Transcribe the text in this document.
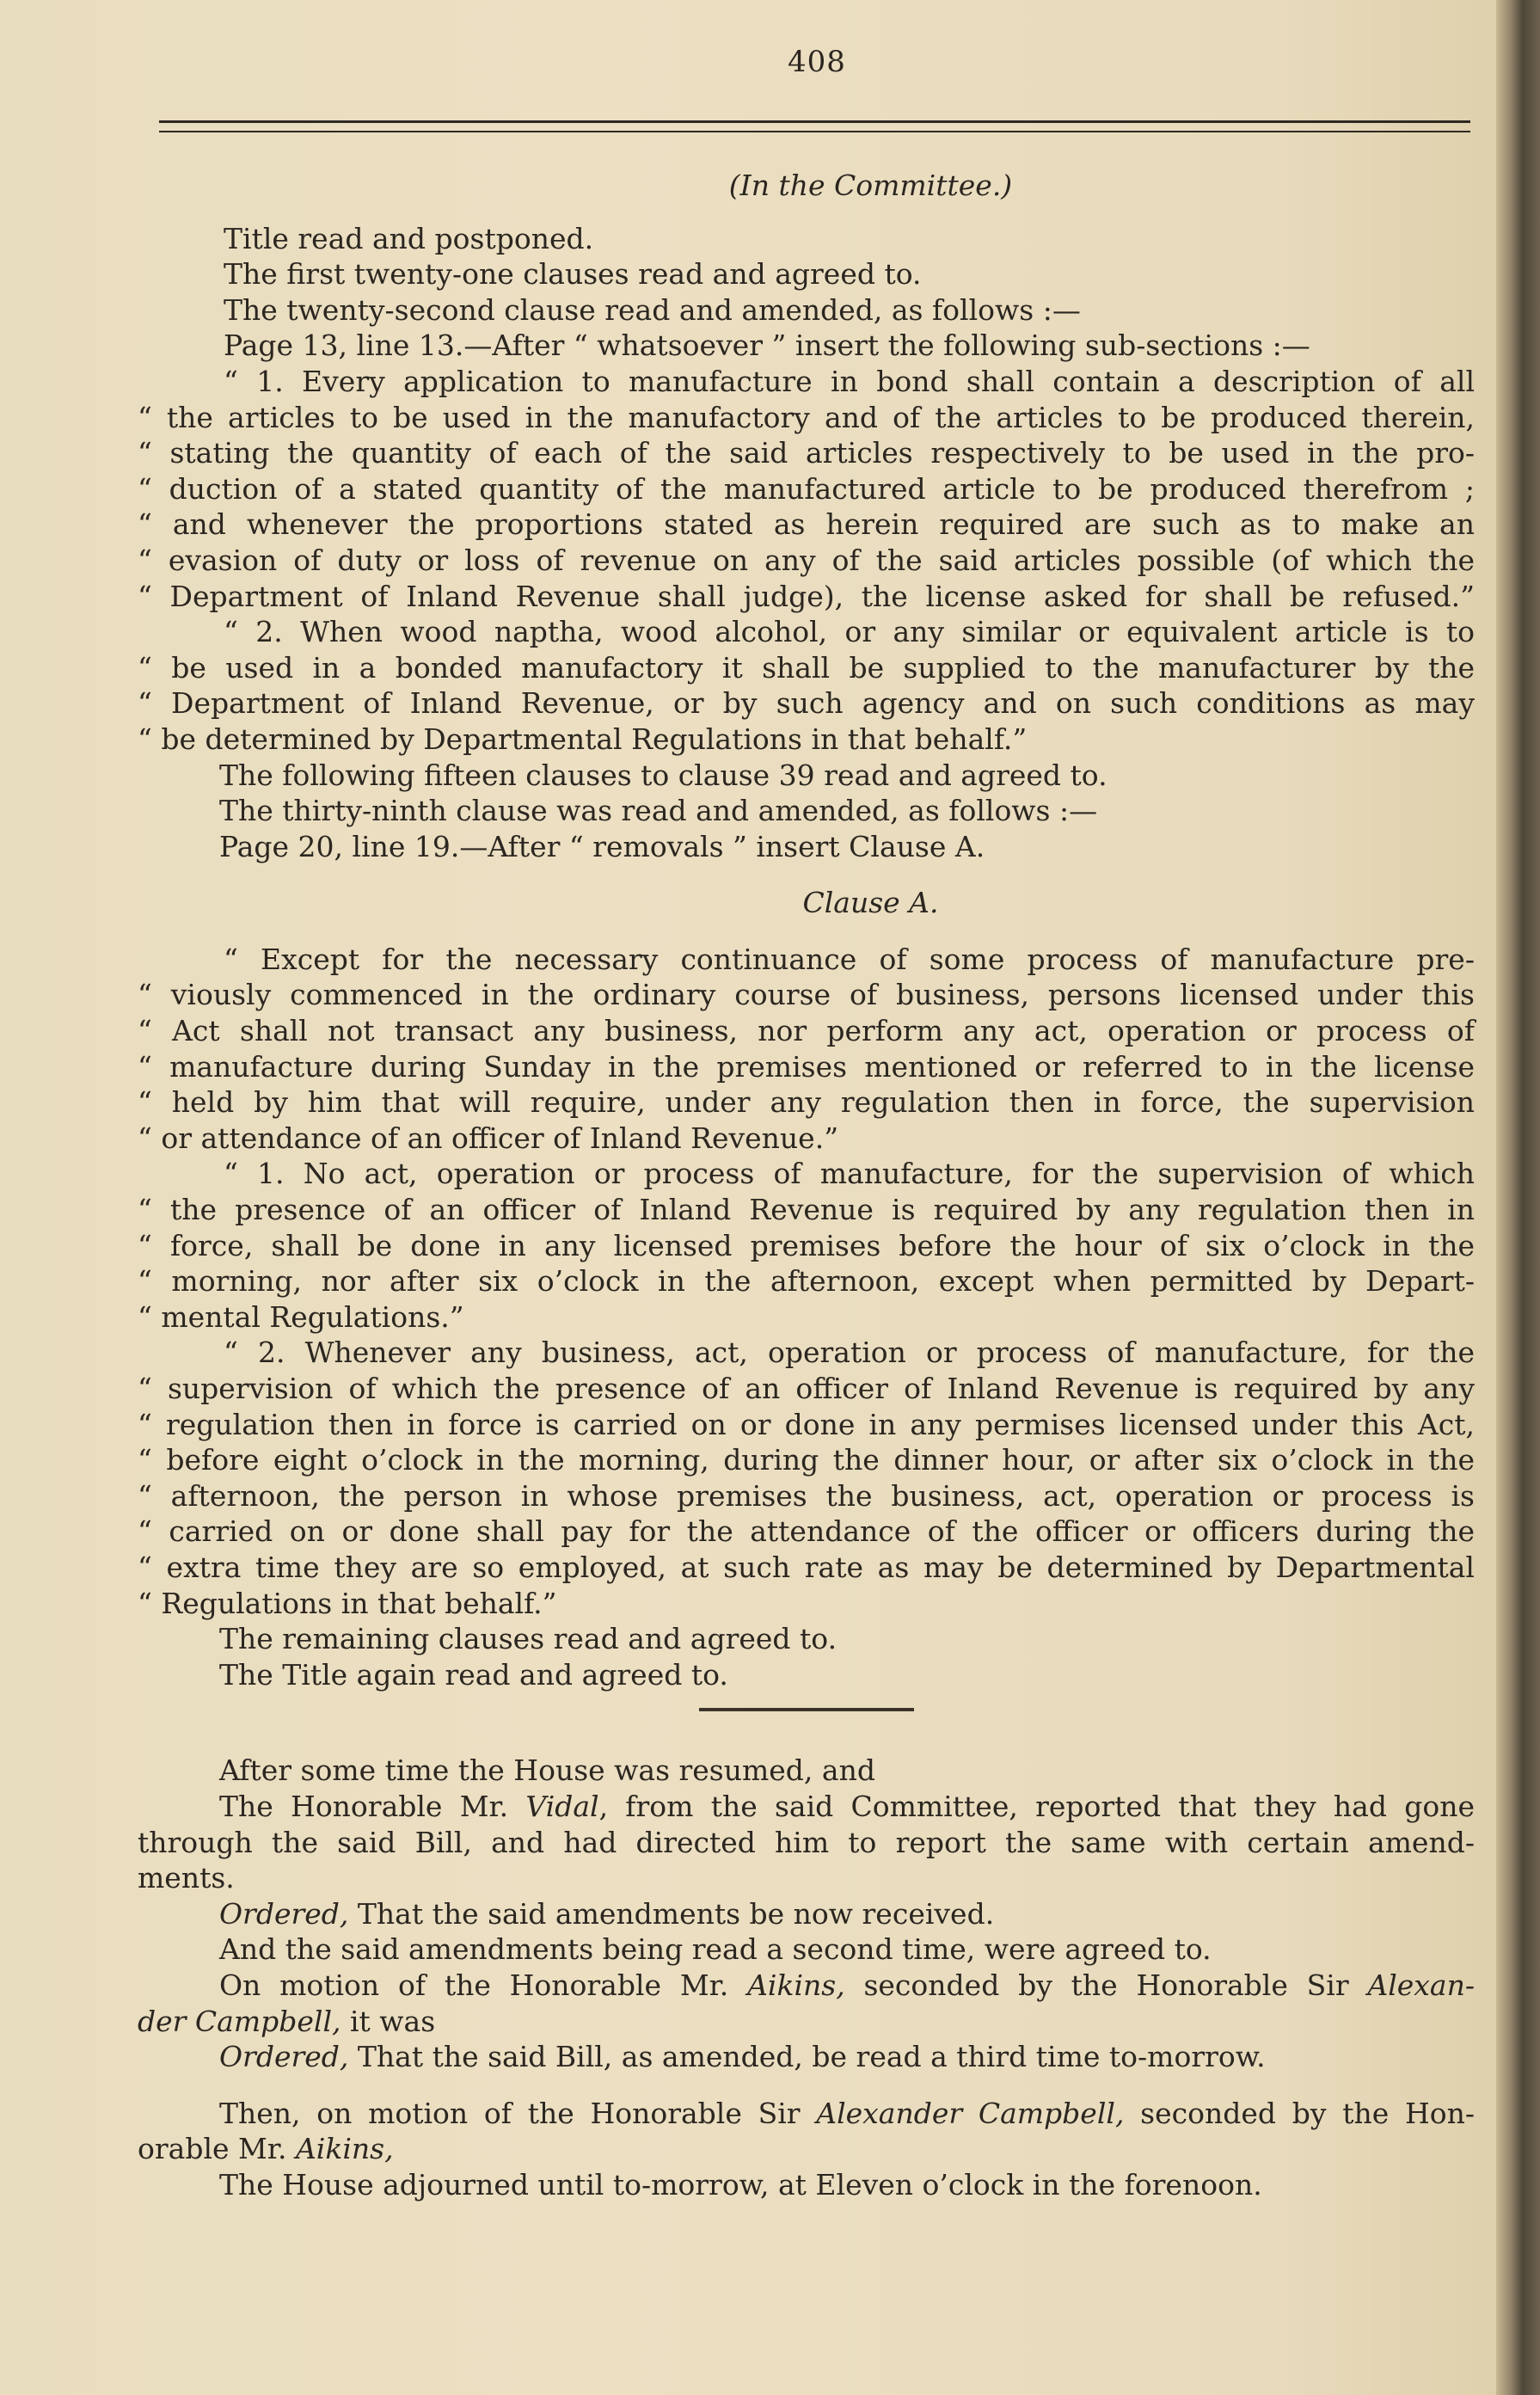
408
(In the Committee.)
Title read and postponed.
The first twenty-one clauses read and agreed to.
The twenty-second clause read and amended, as follows :—
Page 13, line 13.—After “ whatsoever ” insert the following sub-sections :—
“ 1. Every application to manufacture in bond shall contain a description of all
“ the articles to be used in the manufactory and of the articles to be produced therein,
“ stating the quantity of each of the said articles respectively to be used in the pro-
“ duction of a stated quantity of the manufactured article to be produced therefrom ;
“ and whenever the proportions stated as herein required are such as to make an
“ evasion of duty or loss of revenue on any of the said articles possible (of which the
“ Department of Inland Revenue shall judge), the license asked for shall be refused.”
“ 2. When wood naptha, wood alcohol, or any similar or equivalent article is to
“ be used in a bonded manufactory it shall be supplied to the manufacturer by the
“ Department of Inland Revenue, or by such agency and on such conditions as may
“ be determined by Departmental Regulations in that behalf.”
The following fifteen clauses to clause 39 read and agreed to.
The thirty-ninth clause was read and amended, as follows :—
Page 20, line 19.—After “ removals ” insert Clause A.
Clause A.
“ Except for the necessary continuance of some process of manufacture pre-
“ viously commenced in the ordinary course of business, persons licensed under this
“ Act shall not transact any business, nor perform any act, operation or process of
“ manufacture during Sunday in the premises mentioned or referred to in the license
“ held by him that will require, under any regulation then in force, the supervision
“ or attendance of an officer of Inland Revenue.”
“ 1. No act, operation or process of manufacture, for the supervision of which
“ the presence of an officer of Inland Revenue is required by any regulation then in
“ force, shall be done in any licensed premises before the hour of six o’clock in the
“ morning, nor after six o’clock in the afternoon, except when permitted by Depart-
“ mental Regulations.”
“ 2. Whenever any business, act, operation or process of manufacture, for the
“ supervision of which the presence of an officer of Inland Revenue is required by any
“ regulation then in force is carried on or done in any permises licensed under this Act,
“ before eight o’clock in the morning, during the dinner hour, or after six o’clock in the
“ afternoon, the person in whose premises the business, act, operation or process is
“ carried on or done shall pay for the attendance of the officer or officers during the
“ extra time they are so employed, at such rate as may be determined by Departmental
“ Regulations in that behalf.”
The remaining clauses read and agreed to.
The Title again read and agreed to.
After some time the House was resumed, and
The Honorable Mr. Vidal, from the said Committee, reported that they had gone
through the said Bill, and had directed him to report the same with certain amend-
ments.
Ordered, That the said amendments be now received.
And the said amendments being read a second time, were agreed to.
On motion of the Honorable Mr. Aikins, seconded by the Honorable Sir Alexan-
der Campbell, it was
Ordered, That the said Bill, as amended, be read a third time to-morrow.
Then, on motion of the Honorable Sir Alexander Campbell, seconded by the Hon-
orable Mr. Aikins,
The House adjourned until to-morrow, at Eleven o’clock in the forenoon.
